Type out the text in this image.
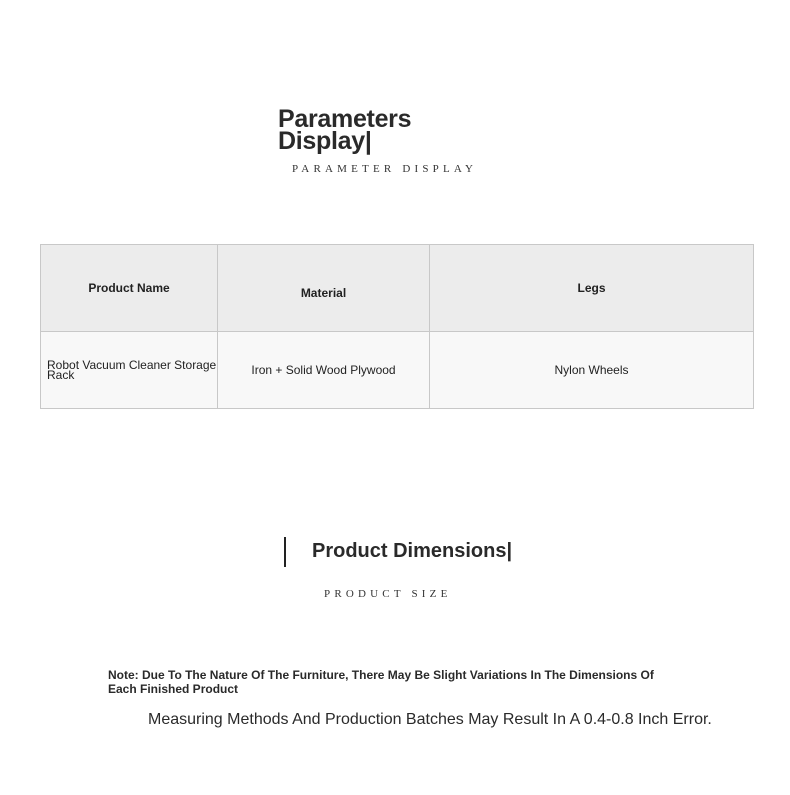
Parameters
Display|
PARAMETER DISPLAY
Product Name	Material	Legs
Robot Vacuum Cleaner Storage Rack	Iron + Solid Wood Plywood	Nylon Wheels
Product Dimensions|
PRODUCT SIZE
Note: Due To The Nature Of The Furniture, There May Be Slight Variations In The Dimensions Of Each Finished Product
Measuring Methods And Production Batches May Result In A 0.4-0.8 Inch Error.
